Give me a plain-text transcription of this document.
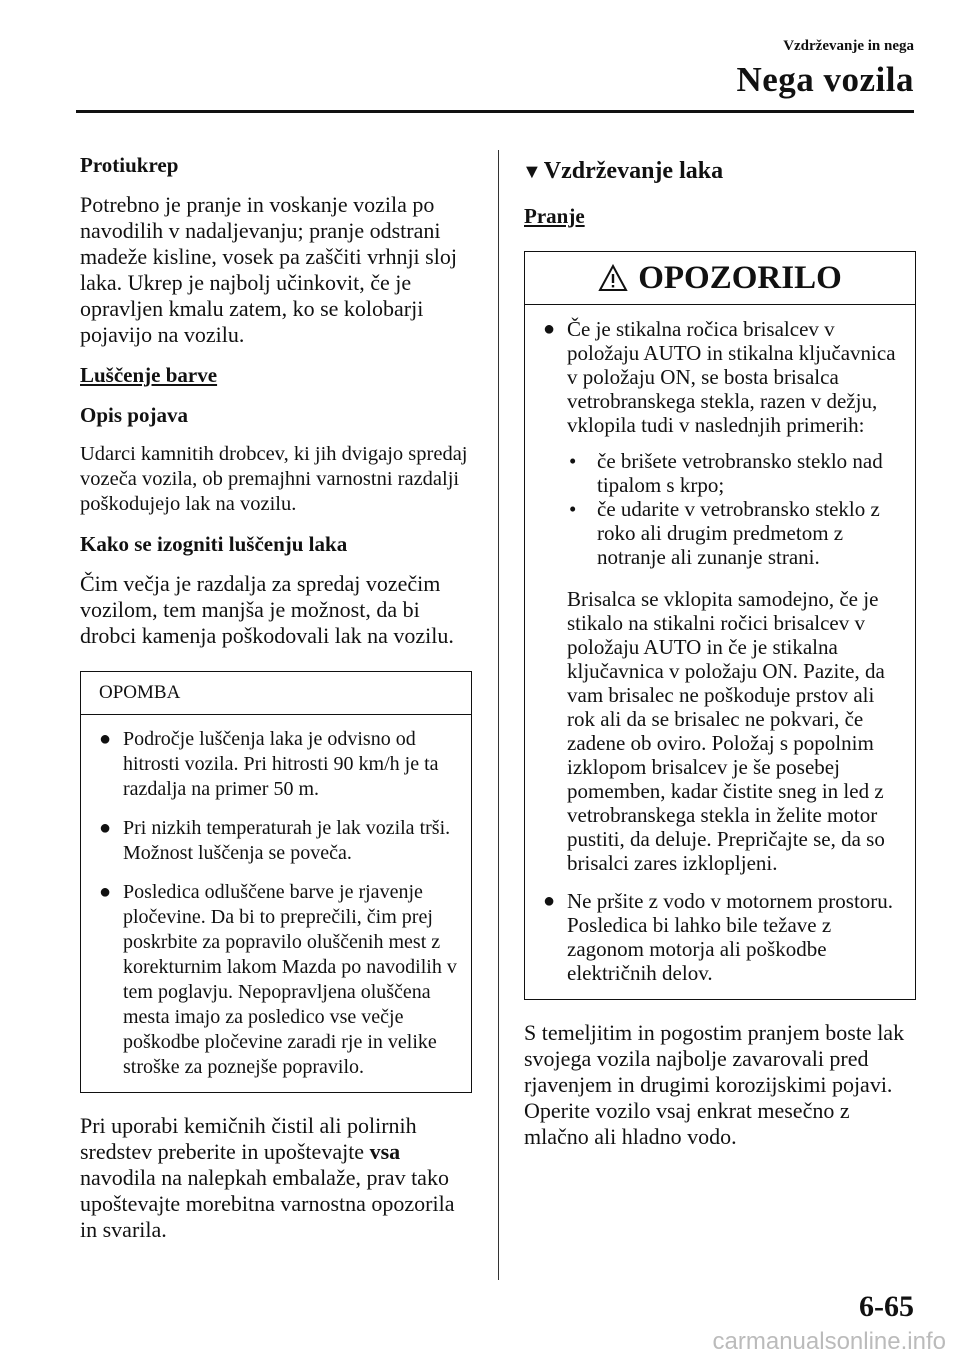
Vzdrževanje in nega
Nega vozila
Protiukrep

Potrebno je pranje in voskanje vozila po navodilih v nadaljevanju; pranje odstrani madeže kisline, vosek pa zaščiti vrhnji sloj laka. Ukrep je najbolj učinkovit, če je opravljen kmalu zatem, ko se kolobarji pojavijo na vozilu.

Luščenje barve
Opis pojava

Udarci kamnitih drobcev, ki jih dvigajo spredaj vozeča vozila, ob premajhni varnostni razdalji poškodujejo lak na vozilu.

Kako se izogniti luščenju laka

Čim večja je razdalja za spredaj vozečim vozilom, tem manjša je možnost, da bi drobci kamenja poškodovali lak na vozilu.

OPOMBA
● Področje luščenja laka je odvisno od hitrosti vozila. Pri hitrosti 90 km/h je ta razdalja na primer 50 m.
● Pri nizkih temperaturah je lak vozila trši. Možnost luščenja se poveča.
● Posledica odluščene barve je rjavenje pločevine. Da bi to preprečili, čim prej poskrbite za popravilo oluščenih mest z korekturnim lakom Mazda po navodilih v tem poglavju. Nepopravljena oluščena mesta imajo za posledico vse večje poškodbe pločevine zaradi rje in velike stroške za poznejše popravilo.

Pri uporabi kemičnih čistil ali polirnih sredstev preberite in upoštevajte vsa navodila na nalepkah embalaže, prav tako upoštevajte morebitna varnostna opozorila in svarila.

▼Vzdrževanje laka
Pranje
OPOZORILO
● Če je stikalna ročica brisalcev v položaju AUTO in stikalna ključavnica v položaju ON, se bosta brisalca vetrobranskega stekla, razen v dežju, vklopila tudi v naslednjih primerih:
• če brišete vetrobransko steklo nad tipalom s krpo;
• če udarite v vetrobransko steklo z roko ali drugim predmetom z notranje ali zunanje strani.
Brisalca se vklopita samodejno, če je stikalo na stikalni ročici brisalcev v položaju AUTO in če je stikalna ključavnica v položaju ON. Pazite, da vam brisalec ne poškoduje prstov ali rok ali da se brisalec ne pokvari, če zadene ob oviro. Položaj s popolnim izklopom brisalcev je še posebej pomemben, kadar čistite sneg in led z vetrobranskega stekla in želite motor pustiti, da deluje. Prepričajte se, da so brisalci zares izklopljeni.
● Ne pršite z vodo v motornem prostoru. Posledica bi lahko bile težave z zagonom motorja ali poškodbe električnih delov.

S temeljitim in pogostim pranjem boste lak svojega vozila najbolje zavarovali pred rjavenjem in drugimi korozijskimi pojavi. Operite vozilo vsaj enkrat mesečno z mlačno ali hladno vodo.

6-65
carmanualsonline.info
